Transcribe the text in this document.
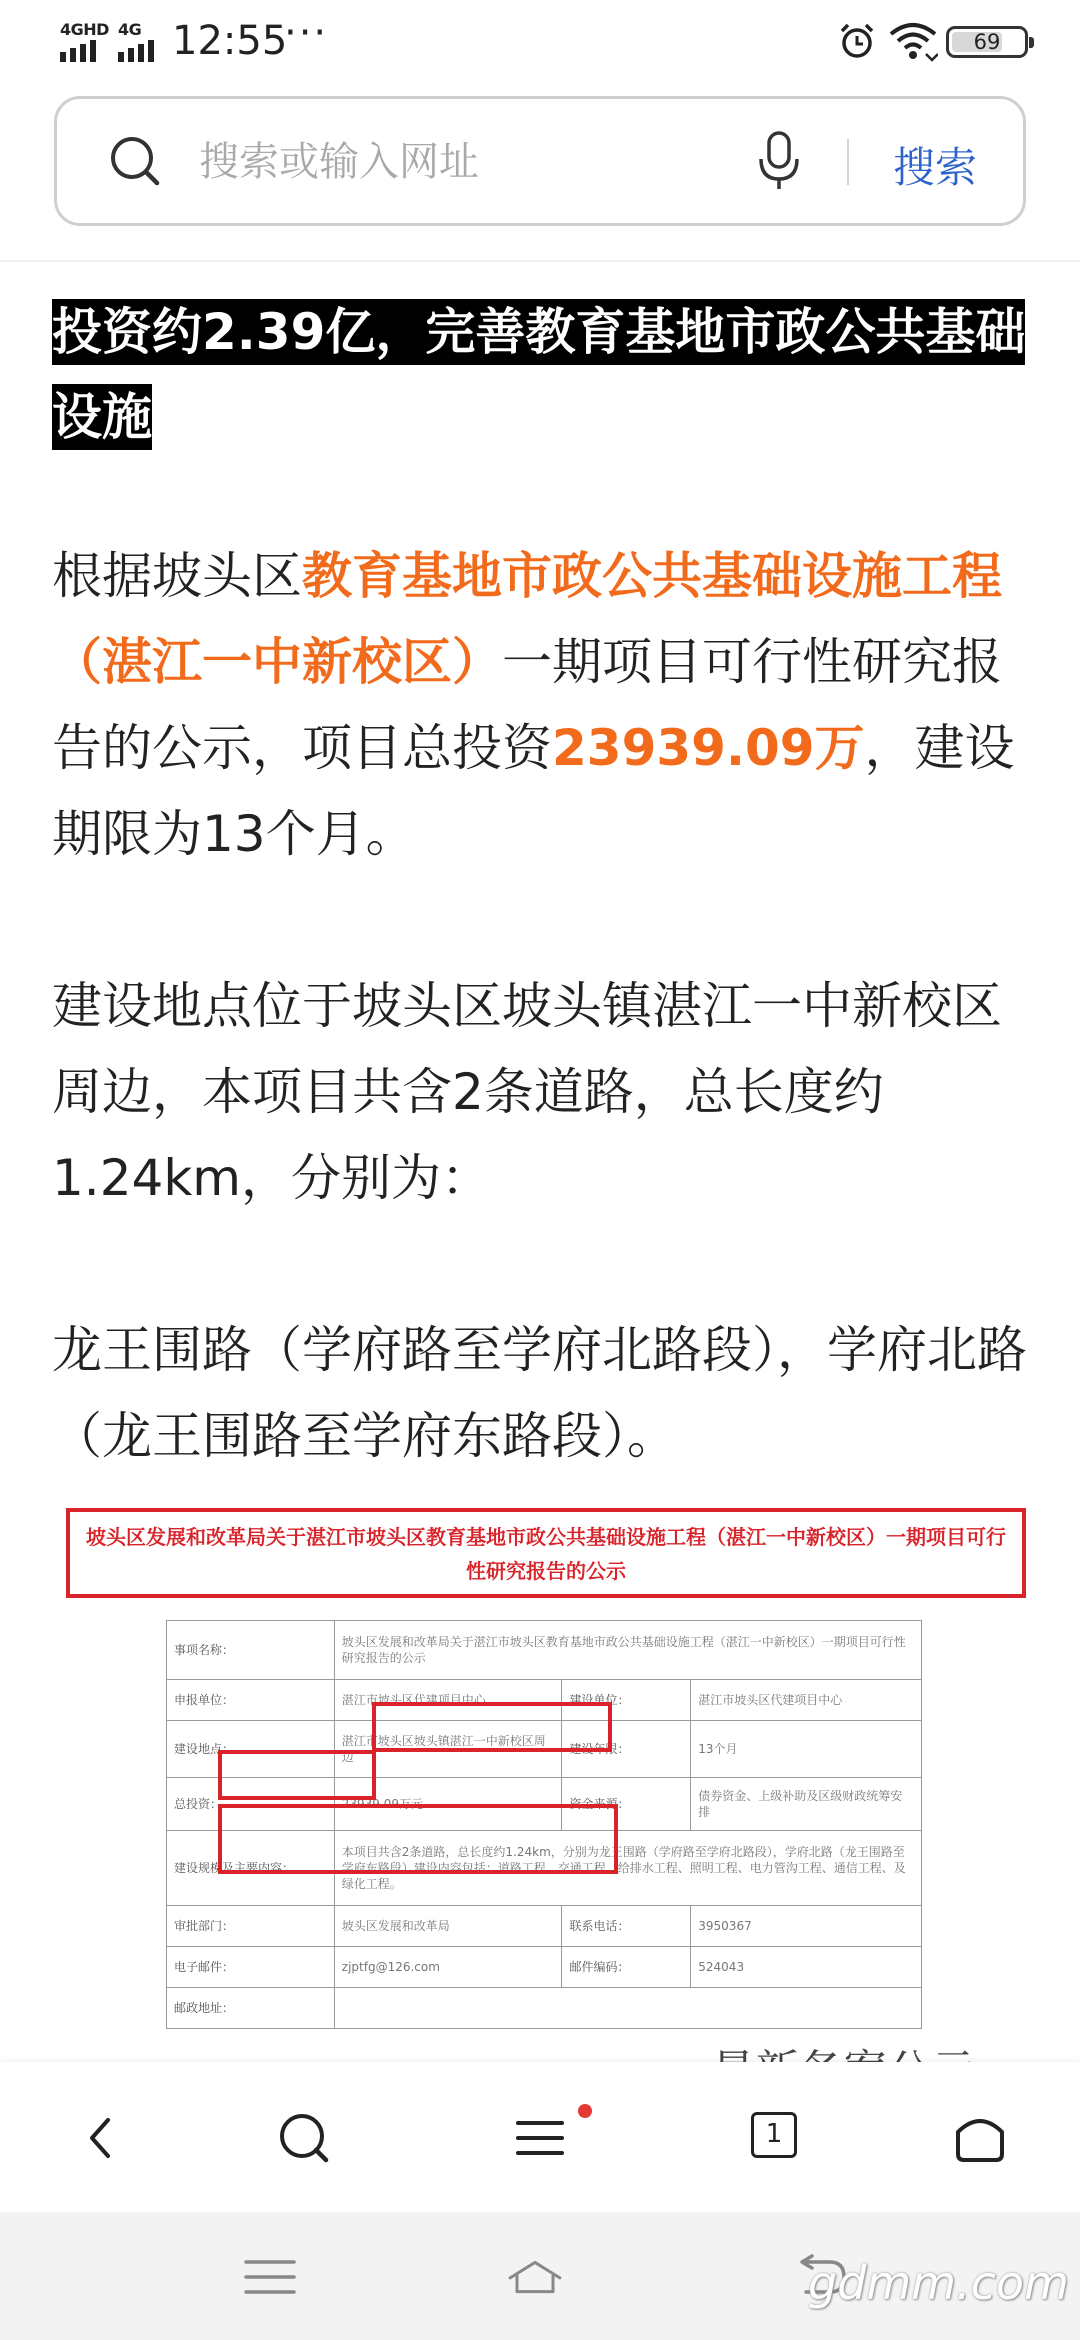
4GHD 4G 12:55
···	69
搜索或输入网址
搜索
投资约2.39亿，完善教育基地市政公共基础设施

根据坡头区教育基地市政公共基础设施工程（湛江一中新校区）一期项目可行性研究报告的公示，项目总投资23939.09万，建设期限为13个月。

建设地点位于坡头区坡头镇湛江一中新校区周边，本项目共含2条道路，总长度约1.24km，分别为：

龙王围路（学府路至学府北路段），学府北路（龙王围路至学府东路段）。

坡头区发展和改革局关于湛江市坡头区教育基地市政公共基础设施工程（湛江一中新校区）一期项目可行性研究报告的公示
事项名称：	坡头区发展和改革局关于湛江市坡头区教育基地市政公共基础设施工程（湛江一中新校区）一期项目可行性研究报告的公示		
申报单位：	湛江市坡头区代建项目中心	建设单位：	湛江市坡头区代建项目中心
建设地点：	湛江市坡头区坡头镇湛江一中新校区周边	建设年限：	13个月
总投资：	23939.09万元	资金来源：	债券资金、上级补助及区级财政统筹安排
建设规模及主要内容：	本项目共含2条道路，总长度约1.24km，分别为龙王围路（学府路至学府北路段），学府北路（龙王围路至学府东路段）建设内容包括：道路工程、交通工程、给排水工程、照明工程、电力管沟工程、通信工程、及绿化工程。		
审批部门：	坡头区发展和改革局	联系电话：	3950367
电子邮件：	zjptfg@126.com	邮件编码：	524043
邮政地址：			
1
gdmm.com
